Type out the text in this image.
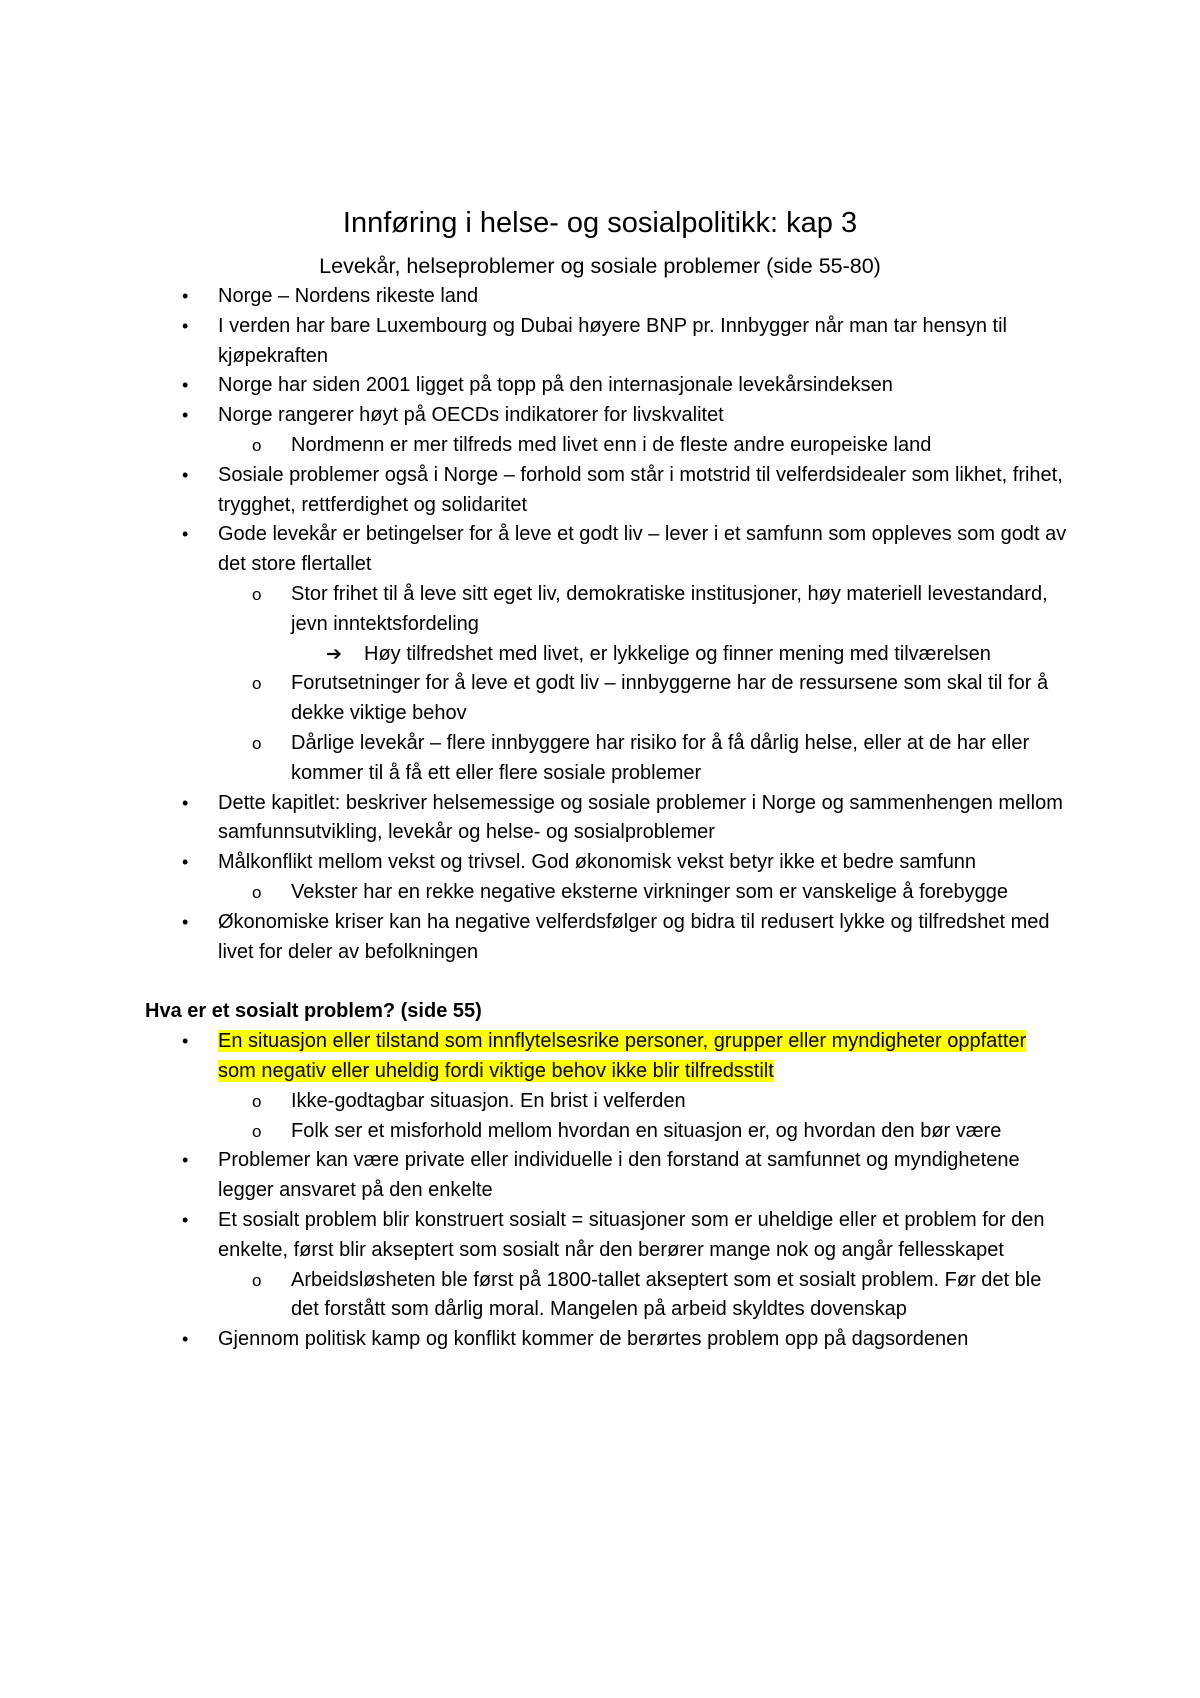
Innføring i helse- og sosialpolitikk: kap 3
Levekår, helseproblemer og sosiale problemer (side 55-80)
• Norge – Nordens rikeste land
• I verden har bare Luxembourg og Dubai høyere BNP pr. Innbygger når man tar hensyn til kjøpekraften
• Norge har siden 2001 ligget på topp på den internasjonale levekårsindeksen
• Norge rangerer høyt på OECDs indikatorer for livskvalitet
o Nordmenn er mer tilfreds med livet enn i de fleste andre europeiske land
• Sosiale problemer også i Norge – forhold som står i motstrid til velferdsidealer som likhet, frihet, trygghet, rettferdighet og solidaritet
• Gode levekår er betingelser for å leve et godt liv – lever i et samfunn som oppleves som godt av det store flertallet
o Stor frihet til å leve sitt eget liv, demokratiske institusjoner, høy materiell levestandard, jevn inntektsfordeling
➔ Høy tilfredshet med livet, er lykkelige og finner mening med tilværelsen
o Forutsetninger for å leve et godt liv – innbyggerne har de ressursene som skal til for å dekke viktige behov
o Dårlige levekår – flere innbyggere har risiko for å få dårlig helse, eller at de har eller kommer til å få ett eller flere sosiale problemer
• Dette kapitlet: beskriver helsemessige og sosiale problemer i Norge og sammenhengen mellom samfunnsutvikling, levekår og helse- og sosialproblemer
• Målkonflikt mellom vekst og trivsel. God økonomisk vekst betyr ikke et bedre samfunn
o Vekster har en rekke negative eksterne virkninger som er vanskelige å forebygge
• Økonomiske kriser kan ha negative velferdsfølger og bidra til redusert lykke og tilfredshet med livet for deler av befolkningen
Hva er et sosialt problem? (side 55)
• En situasjon eller tilstand som innflytelsesrike personer, grupper eller myndigheter oppfatter som negativ eller uheldig fordi viktige behov ikke blir tilfredsstilt
o Ikke-godtagbar situasjon. En brist i velferden
o Folk ser et misforhold mellom hvordan en situasjon er, og hvordan den bør være
• Problemer kan være private eller individuelle i den forstand at samfunnet og myndighetene legger ansvaret på den enkelte
• Et sosialt problem blir konstruert sosialt = situasjoner som er uheldige eller et problem for den enkelte, først blir akseptert som sosialt når den berører mange nok og angår fellesskapet
o Arbeidsløsheten ble først på 1800-tallet akseptert som et sosialt problem. Før det ble det forstått som dårlig moral. Mangelen på arbeid skyldtes dovenskap
• Gjennom politisk kamp og konflikt kommer de berørtes problem opp på dagsordenen
